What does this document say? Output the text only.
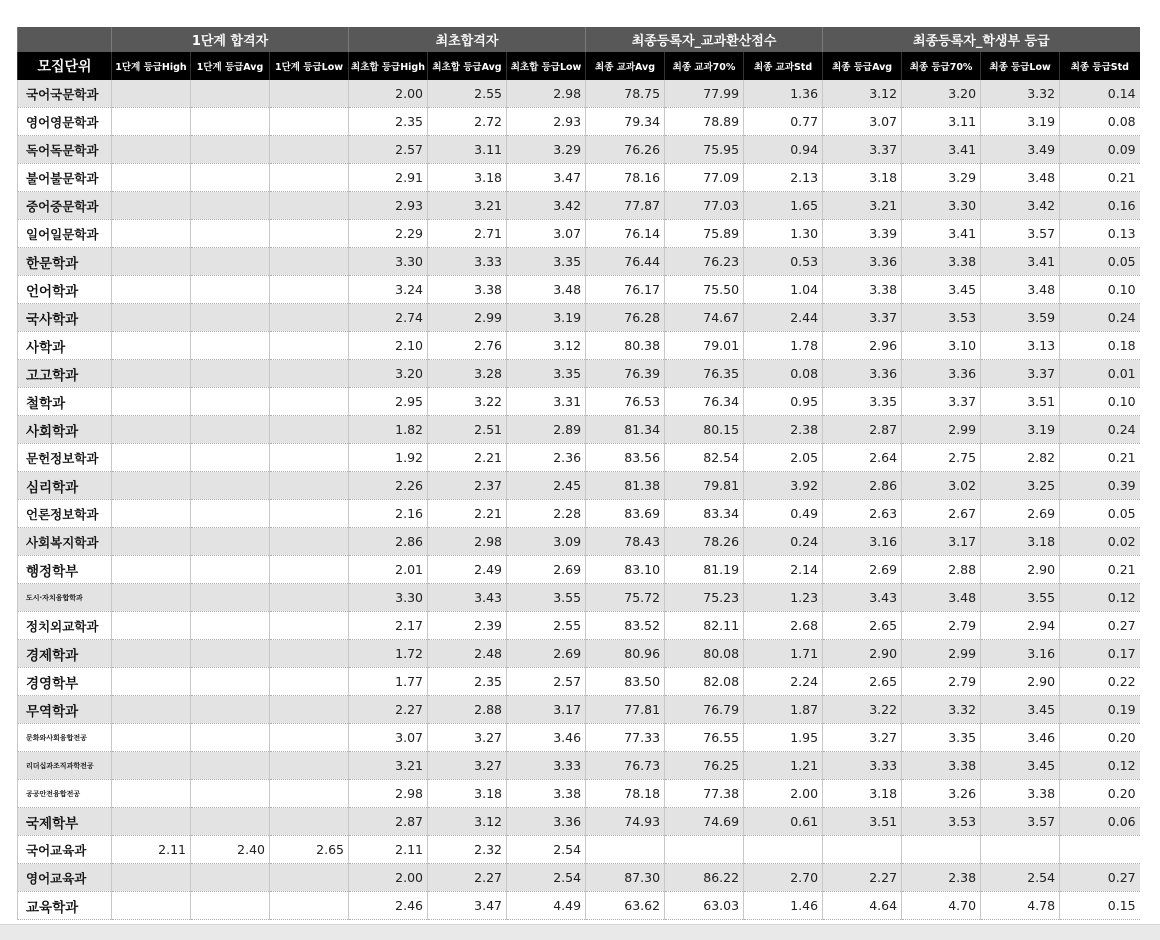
	1단계 합격자			최초합격자			최종등록자_교과환산점수			최종등록자_학생부 등급			
모집단위	1단계 등급High	1단계 등급Avg	1단계 등급Low	최초합 등급High	최초합 등급Avg	최초합 등급Low	최종 교과Avg	최종 교과70%	최종 교과Std	최종 등급Avg	최종 등급70%	최종 등급Low	최종 등급Std
국어국문학과				2.00	2.55	2.98	78.75	77.99	1.36	3.12	3.20	3.32	0.14
영어영문학과				2.35	2.72	2.93	79.34	78.89	0.77	3.07	3.11	3.19	0.08
독어독문학과				2.57	3.11	3.29	76.26	75.95	0.94	3.37	3.41	3.49	0.09
불어불문학과				2.91	3.18	3.47	78.16	77.09	2.13	3.18	3.29	3.48	0.21
중어중문학과				2.93	3.21	3.42	77.87	77.03	1.65	3.21	3.30	3.42	0.16
일어일문학과				2.29	2.71	3.07	76.14	75.89	1.30	3.39	3.41	3.57	0.13
한문학과				3.30	3.33	3.35	76.44	76.23	0.53	3.36	3.38	3.41	0.05
언어학과				3.24	3.38	3.48	76.17	75.50	1.04	3.38	3.45	3.48	0.10
국사학과				2.74	2.99	3.19	76.28	74.67	2.44	3.37	3.53	3.59	0.24
사학과				2.10	2.76	3.12	80.38	79.01	1.78	2.96	3.10	3.13	0.18
고고학과				3.20	3.28	3.35	76.39	76.35	0.08	3.36	3.36	3.37	0.01
철학과				2.95	3.22	3.31	76.53	76.34	0.95	3.35	3.37	3.51	0.10
사회학과				1.82	2.51	2.89	81.34	80.15	2.38	2.87	2.99	3.19	0.24
문헌정보학과				1.92	2.21	2.36	83.56	82.54	2.05	2.64	2.75	2.82	0.21
심리학과				2.26	2.37	2.45	81.38	79.81	3.92	2.86	3.02	3.25	0.39
언론정보학과				2.16	2.21	2.28	83.69	83.34	0.49	2.63	2.67	2.69	0.05
사회복지학과				2.86	2.98	3.09	78.43	78.26	0.24	3.16	3.17	3.18	0.02
행정학부				2.01	2.49	2.69	83.10	81.19	2.14	2.69	2.88	2.90	0.21
도시·자치융합학과				3.30	3.43	3.55	75.72	75.23	1.23	3.43	3.48	3.55	0.12
정치외교학과				2.17	2.39	2.55	83.52	82.11	2.68	2.65	2.79	2.94	0.27
경제학과				1.72	2.48	2.69	80.96	80.08	1.71	2.90	2.99	3.16	0.17
경영학부				1.77	2.35	2.57	83.50	82.08	2.24	2.65	2.79	2.90	0.22
무역학과				2.27	2.88	3.17	77.81	76.79	1.87	3.22	3.32	3.45	0.19
문화와사회융합전공				3.07	3.27	3.46	77.33	76.55	1.95	3.27	3.35	3.46	0.20
리더십과조직과학전공				3.21	3.27	3.33	76.73	76.25	1.21	3.33	3.38	3.45	0.12
공공안전융합전공				2.98	3.18	3.38	78.18	77.38	2.00	3.18	3.26	3.38	0.20
국제학부				2.87	3.12	3.36	74.93	74.69	0.61	3.51	3.53	3.57	0.06
국어교육과	2.11	2.40	2.65	2.11	2.32	2.54							
영어교육과				2.00	2.27	2.54	87.30	86.22	2.70	2.27	2.38	2.54	0.27
교육학과				2.46	3.47	4.49	63.62	63.03	1.46	4.64	4.70	4.78	0.15
